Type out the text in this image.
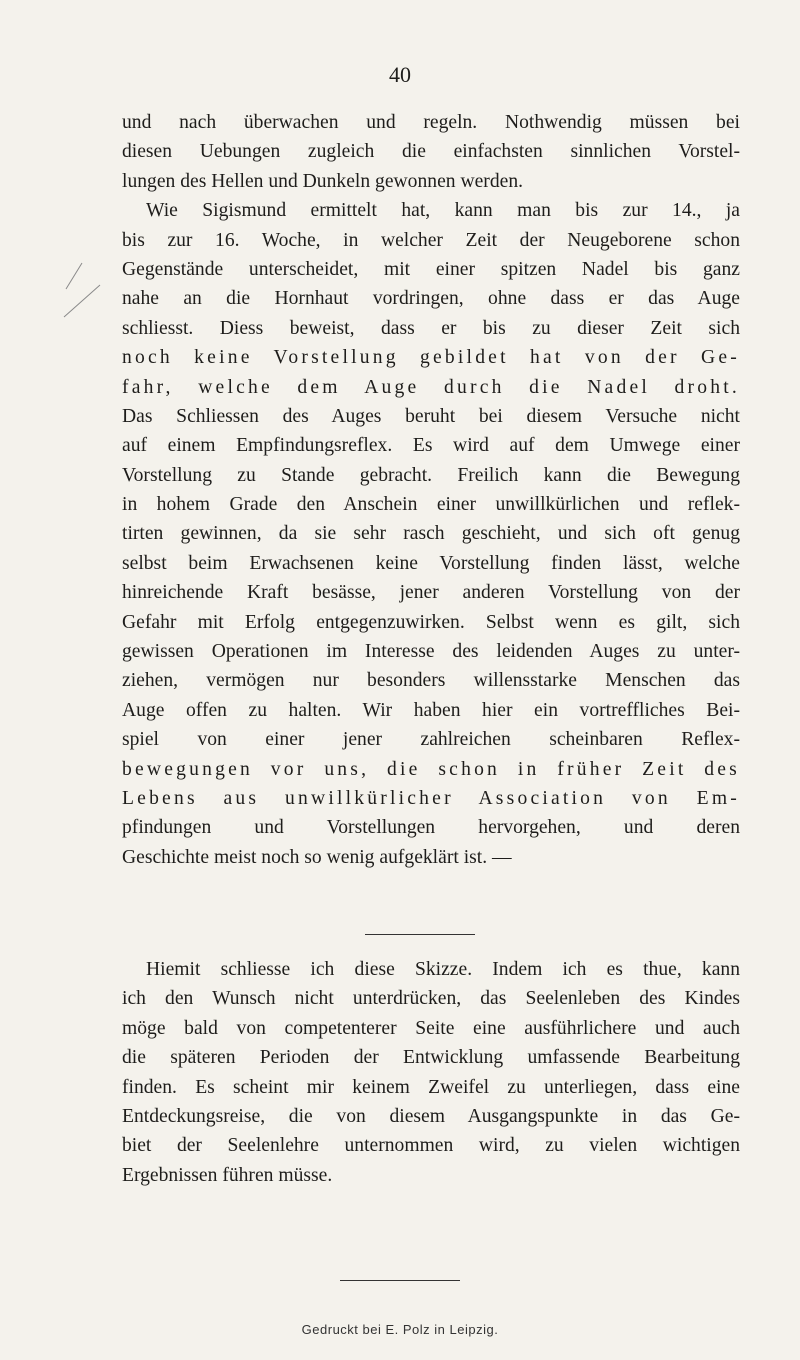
40
und nach überwachen und regeln. Nothwendig müssen bei
diesen Uebungen zugleich die einfachsten sinnlichen Vorstel-
lungen des Hellen und Dunkeln gewonnen werden.
Wie Sigismund ermittelt hat, kann man bis zur 14., ja
bis zur 16. Woche, in welcher Zeit der Neugeborene schon
Gegenstände unterscheidet, mit einer spitzen Nadel bis ganz
nahe an die Hornhaut vordringen, ohne dass er das Auge
schliesst. Diess beweist, dass er bis zu dieser Zeit sich
noch keine Vorstellung gebildet hat von der Ge-
fahr, welche dem Auge durch die Nadel droht.
Das Schliessen des Auges beruht bei diesem Versuche nicht
auf einem Empfindungsreflex. Es wird auf dem Umwege einer
Vorstellung zu Stande gebracht. Freilich kann die Bewegung
in hohem Grade den Anschein einer unwillkürlichen und reflek-
tirten gewinnen, da sie sehr rasch geschieht, und sich oft genug
selbst beim Erwachsenen keine Vorstellung finden lässt, welche
hinreichende Kraft besässe, jener anderen Vorstellung von der
Gefahr mit Erfolg entgegenzuwirken. Selbst wenn es gilt, sich
gewissen Operationen im Interesse des leidenden Auges zu unter-
ziehen, vermögen nur besonders willensstarke Menschen das
Auge offen zu halten. Wir haben hier ein vortreffliches Bei-
spiel von einer jener zahlreichen scheinbaren Reflex-
bewegungen vor uns, die schon in früher Zeit des
Lebens aus unwillkürlicher Association von Em-
pfindungen und Vorstellungen hervorgehen, und deren
Geschichte meist noch so wenig aufgeklärt ist. —
Hiemit schliesse ich diese Skizze. Indem ich es thue, kann
ich den Wunsch nicht unterdrücken, das Seelenleben des Kindes
möge bald von competenterer Seite eine ausführlichere und auch
die späteren Perioden der Entwicklung umfassende Bearbeitung
finden. Es scheint mir keinem Zweifel zu unterliegen, dass eine
Entdeckungsreise, die von diesem Ausgangspunkte in das Ge-
biet der Seelenlehre unternommen wird, zu vielen wichtigen
Ergebnissen führen müsse.
Gedruckt bei E. Polz in Leipzig.
